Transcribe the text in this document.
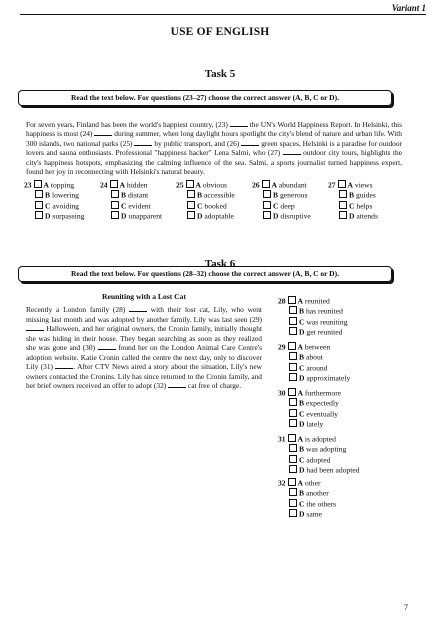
Variant 1
USE OF ENGLISH
Task 5
Read the text below. For questions (23–27) choose the correct answer (A, B, C or D).
For seven years, Finland has been the world's happiest country, (23)  the UN's World Happiness Report. In Helsinki, this happiness is most (24)  during summer, when long daylight hours spotlight the city's blend of nature and urban life. With 300 islands, two national parks (25)  by public transport, and (26)  green spaces, Helsinki is a paradise for outdoor lovers and sauna enthusiasts. Professional "happiness hacker" Lena Salmi, who (27)  outdoor city tours, highlights the city's happiness hotspots, emphasizing the calming influence of the sea. Salmi, a sports journalist turned happiness expert, found her joy in reconnecting with Helsinki's natural beauty.
23 A topping
B lowering
C avoiding
D surpassing
24 A hidden
B distant
C evident
D unapparent
25 A obvious
B accessible
C booked
D adoptable
26 A abundant
B generous
C deep
D disruptive
27 A views
B guides
C helps
D attends
Task 6
Read the text below. For questions (28–32) choose the correct answer (A, B, C or D).
Reuniting with a Lost Cat
Recently a London family (28)  with their lost cat, Lily, who went missing last month and was adopted by another family. Lily was last seen (29)  Halloween, and her original owners, the Cronin family, initially thought she was hiding in their house. They began searching as soon as they realized she was gone and (30)  found her on the London Animal Care Centre's adoption website. Katie Cronin called the centre the next day, only to discover Lily (31) . After CTV News aired a story about the situation, Lily's new owners contacted the Cronins. Lily has since returned to the Cronin family, and her brief owners received an offer to adopt (32)  cat free of charge.
28 A reunited
B has reunited
C was reuniting
D get reunited
29 A between
B about
C around
D approximately
30 A furthermore
B expectedly
C eventually
D lately
31 A is adopted
B was adopting
C adopted
D had been adopted
32 A other
B another
C the others
D same
7
